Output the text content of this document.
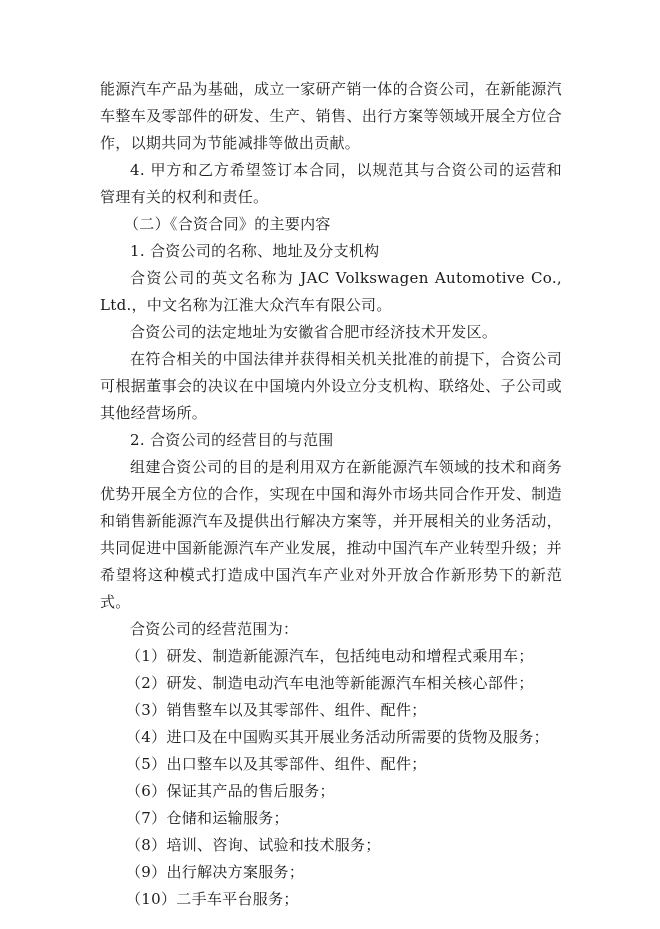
能源汽车产品为基础，成立一家研产销一体的合资公司，在新能源汽车整车及零部件的研发、生产、销售、出行方案等领域开展全方位合作，以期共同为节能减排等做出贡献。

4. 甲方和乙方希望签订本合同，以规范其与合资公司的运营和管理有关的权利和责任。

（二）《合资合同》的主要内容

1. 合资公司的名称、地址及分支机构

合资公司的英文名称为 JAC Volkswagen Automotive Co., Ltd.，中文名称为江淮大众汽车有限公司。

合资公司的法定地址为安徽省合肥市经济技术开发区。

在符合相关的中国法律并获得相关机关批准的前提下，合资公司可根据董事会的决议在中国境内外设立分支机构、联络处、子公司或其他经营场所。

2. 合资公司的经营目的与范围

组建合资公司的目的是利用双方在新能源汽车领域的技术和商务优势开展全方位的合作，实现在中国和海外市场共同合作开发、制造和销售新能源汽车及提供出行解决方案等，并开展相关的业务活动，共同促进中国新能源汽车产业发展，推动中国汽车产业转型升级；并希望将这种模式打造成中国汽车产业对外开放合作新形势下的新范式。

合资公司的经营范围为：

（1）研发、制造新能源汽车，包括纯电动和增程式乘用车；

（2）研发、制造电动汽车电池等新能源汽车相关核心部件；

（3）销售整车以及其零部件、组件、配件；

（4）进口及在中国购买其开展业务活动所需要的货物及服务；

（5）出口整车以及其零部件、组件、配件；

（6）保证其产品的售后服务；

（7）仓储和运输服务；

（8）培训、咨询、试验和技术服务；

（9）出行解决方案服务；

（10）二手车平台服务；
